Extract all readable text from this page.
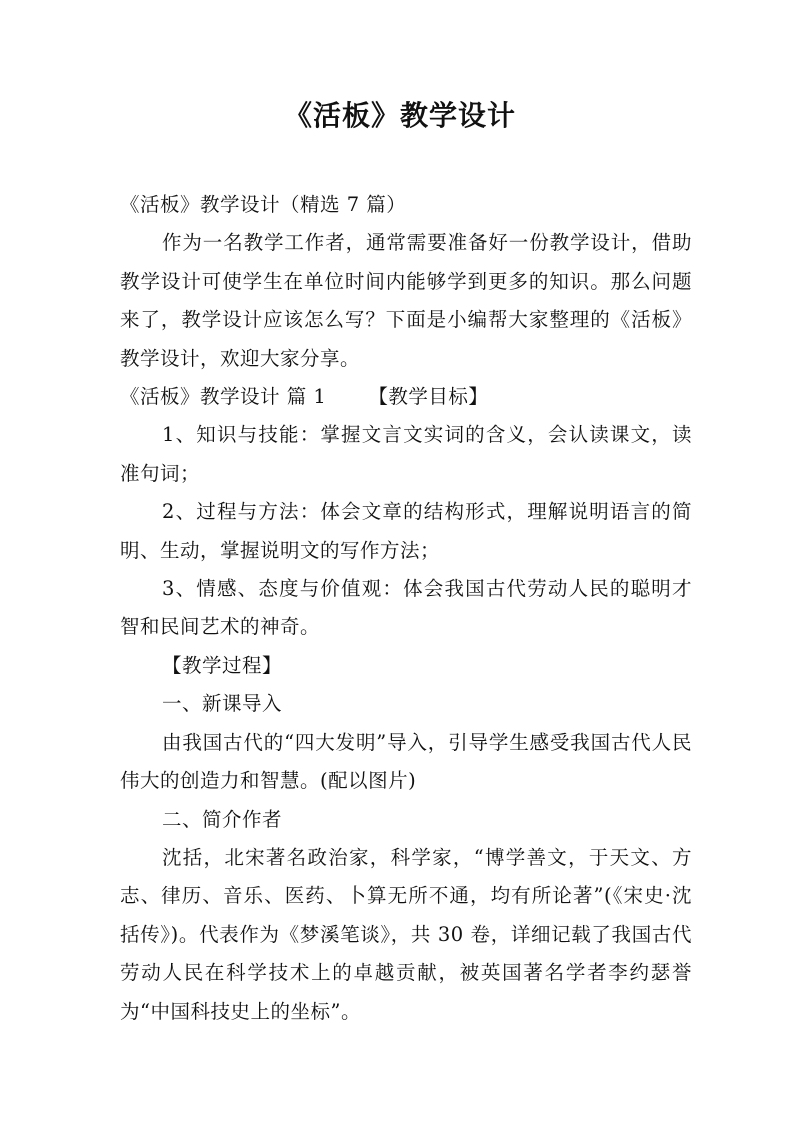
《活板》教学设计

《活板》教学设计（精选 7 篇）

作为一名教学工作者，通常需要准备好一份教学设计，借助教学设计可使学生在单位时间内能够学到更多的知识。那么问题来了，教学设计应该怎么写？下面是小编帮大家整理的《活板》教学设计，欢迎大家分享。

《活板》教学设计 篇 1 【教学目标】

1、知识与技能：掌握文言文实词的含义，会认读课文，读准句词；

2、过程与方法：体会文章的结构形式，理解说明语言的简明、生动，掌握说明文的写作方法；

3、情感、态度与价值观：体会我国古代劳动人民的聪明才智和民间艺术的神奇。

【教学过程】

一、新课导入

由我国古代的“四大发明”导入，引导学生感受我国古代人民伟大的创造力和智慧。(配以图片)

二、简介作者

沈括，北宋著名政治家，科学家，“博学善文，于天文、方志、律历、音乐、医药、卜算无所不通，均有所论著”(《宋史·沈括传》)。代表作为《梦溪笔谈》，共 30 卷，详细记载了我国古代劳动人民在科学技术上的卓越贡献，被英国著名学者李约瑟誉为“中国科技史上的坐标”。
